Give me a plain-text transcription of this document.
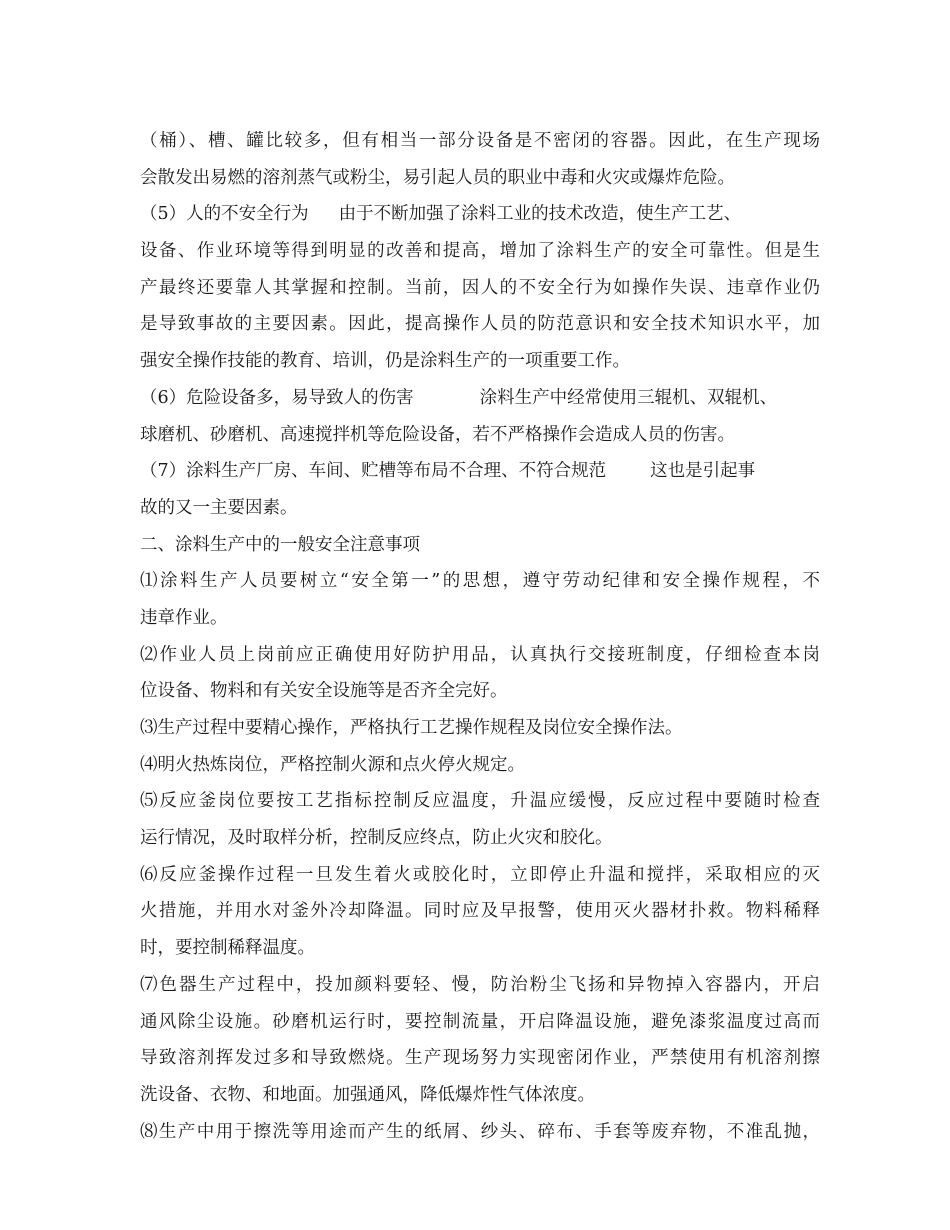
（桶）、槽、罐比较多，但有相当一部分设备是不密闭的容器。因此，在生产现场
会散发出易燃的溶剂蒸气或粉尘，易引起人员的职业中毒和火灾或爆炸危险。
（5）人的不安全行为 由于不断加强了涂料工业的技术改造，使生产工艺、
设备、作业环境等得到明显的改善和提高，增加了涂料生产的安全可靠性。但是生
产最终还要靠人其掌握和控制。当前，因人的不安全行为如操作失误、违章作业仍
是导致事故的主要因素。因此，提高操作人员的防范意识和安全技术知识水平，加
强安全操作技能的教育、培训，仍是涂料生产的一项重要工作。
（6）危险设备多，易导致人的伤害	涂料生产中经常使用三辊机、双辊机、
球磨机、砂磨机、高速搅拌机等危险设备，若不严格操作会造成人员的伤害。
（7）涂料生产厂房、车间、贮槽等布局不合理、不符合规范	这也是引起事
故的又一主要因素。
二、涂料生产中的一般安全注意事项
⑴涂料生产人员要树立“安全第一”的思想，遵守劳动纪律和安全操作规程，不
违章作业。
⑵作业人员上岗前应正确使用好防护用品，认真执行交接班制度，仔细检查本岗
位设备、物料和有关安全设施等是否齐全完好。
⑶生产过程中要精心操作，严格执行工艺操作规程及岗位安全操作法。
⑷明火热炼岗位，严格控制火源和点火停火规定。
⑸反应釜岗位要按工艺指标控制反应温度，升温应缓慢，反应过程中要随时检查
运行情况，及时取样分析，控制反应终点，防止火灾和胶化。
⑹反应釜操作过程一旦发生着火或胶化时，立即停止升温和搅拌，采取相应的灭
火措施，并用水对釜外冷却降温。同时应及早报警，使用灭火器材扑救。物料稀释
时，要控制稀释温度。
⑺色器生产过程中，投加颜料要轻、慢，防治粉尘飞扬和异物掉入容器内，开启
通风除尘设施。砂磨机运行时，要控制流量，开启降温设施，避免漆浆温度过高而
导致溶剂挥发过多和导致燃烧。生产现场努力实现密闭作业，严禁使用有机溶剂擦
洗设备、衣物、和地面。加强通风，降低爆炸性气体浓度。
⑻生产中用于擦洗等用途而产生的纸屑、纱头、碎布、手套等废弃物，不准乱抛，
